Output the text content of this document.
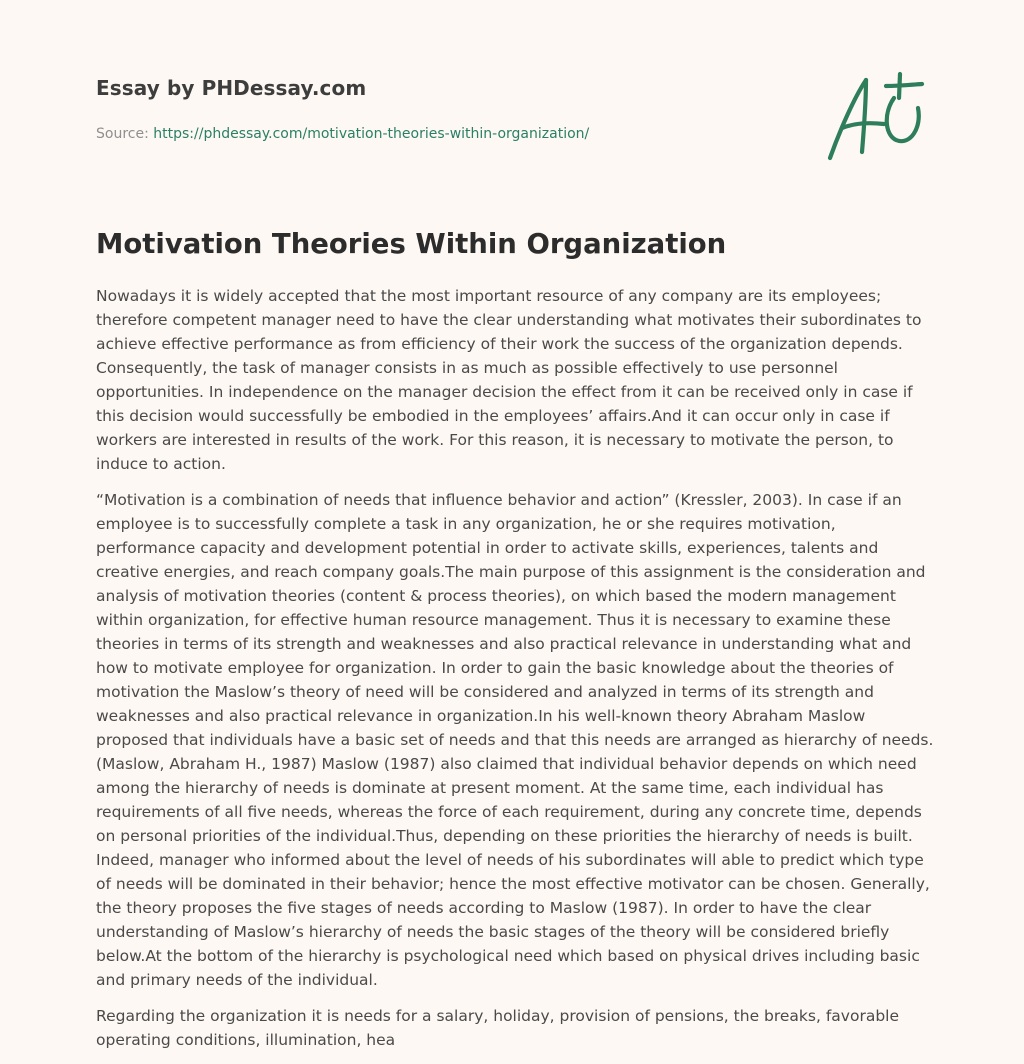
Essay by PHDessay.com
Source: https://phdessay.com/motivation-theories-within-organization/
Motivation Theories Within Organization

Nowadays it is widely accepted that the most important resource of any company are its employees; therefore competent manager need to have the clear understanding what motivates their subordinates to achieve effective performance as from efficiency of their work the success of the organization depends. Consequently, the task of manager consists in as much as possible effectively to use personnel opportunities. In independence on the manager decision the effect from it can be received only in case if this decision would successfully be embodied in the employees’ affairs.And it can occur only in case if workers are interested in results of the work. For this reason, it is necessary to motivate the person, to induce to action.

“Motivation is a combination of needs that influence behavior and action” (Kressler, 2003). In case if an employee is to successfully complete a task in any organization, he or she requires motivation, performance capacity and development potential in order to activate skills, experiences, talents and creative energies, and reach company goals.The main purpose of this assignment is the consideration and analysis of motivation theories (content & process theories), on which based the modern management within organization, for effective human resource management. Thus it is necessary to examine these theories in terms of its strength and weaknesses and also practical relevance in understanding what and how to motivate employee for organization. In order to gain the basic knowledge about the theories of motivation the Maslow’s theory of need will be considered and analyzed in terms of its strength and weaknesses and also practical relevance in organization.In his well-known theory Abraham Maslow proposed that individuals have a basic set of needs and that this needs are arranged as hierarchy of needs. (Maslow, Abraham H., 1987) Maslow (1987) also claimed that individual behavior depends on which need among the hierarchy of needs is dominate at present moment. At the same time, each individual has requirements of all five needs, whereas the force of each requirement, during any concrete time, depends on personal priorities of the individual.Thus, depending on these priorities the hierarchy of needs is built. Indeed, manager who informed about the level of needs of his subordinates will able to predict which type of needs will be dominated in their behavior; hence the most effective motivator can be chosen. Generally, the theory proposes the five stages of needs according to Maslow (1987). In order to have the clear understanding of Maslow’s hierarchy of needs the basic stages of the theory will be considered briefly below.At the bottom of the hierarchy is psychological need which based on physical drives including basic and primary needs of the individual.

Regarding the organization it is needs for a salary, holiday, provision of pensions, the breaks, favorable operating conditions, illumination, hea
